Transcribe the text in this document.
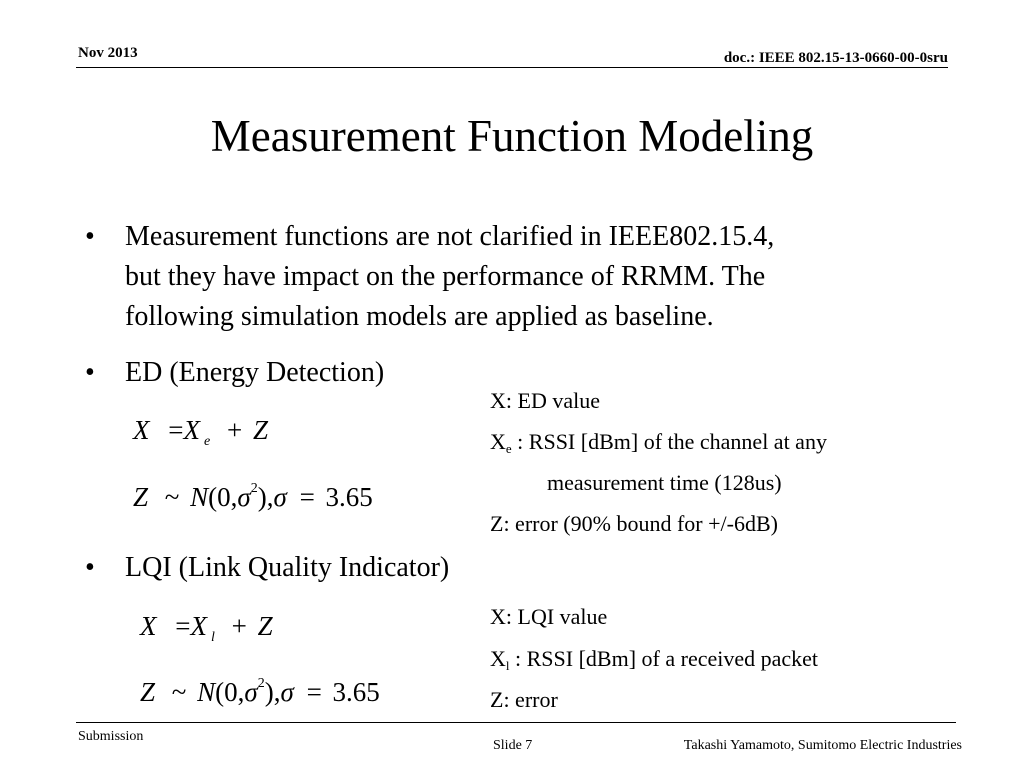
Nov 2013	doc.: IEEE 802.15-13-0660-00-0sru
Measurement Function Modeling
• Measurement functions are not clarified in IEEE802.15.4,
but they have impact on the performance of RRMM. The
following simulation models are applied as baseline.
• ED (Energy Detection)
X =X $_e$ + Z
Z ~ $N(0,\sigma^2),\sigma = 3.65$
X: ED value
$X_e$ : RSSI [dBm] of the channel at any
measurement time (128us)
Z: error (90% bound for +/-6dB)
• LQI (Link Quality Indicator)
X =X $_l$ + Z
Z ~ $N(0,\sigma^2),\sigma = 3.65$
X: LQI value
$X_l$ : RSSI [dBm] of a received packet
Z: error
Submission
Slide 7	Takashi Yamamoto, Sumitomo Electric Industries
